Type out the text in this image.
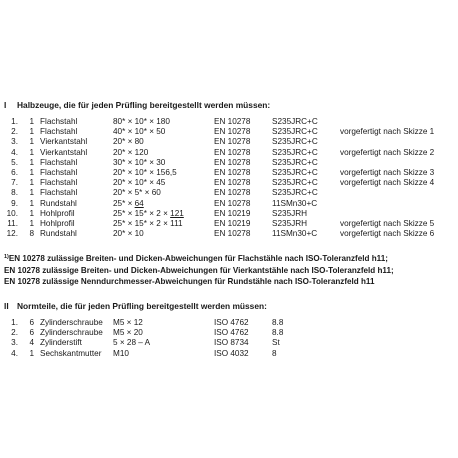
I Halbzeuge, die für jeden Prüfling bereitgestellt werden müssen:
1.	1 Flachstahl	80* × 10* × 180	EN 10278	S235JRC+C
2.	1 Flachstahl	40* × 10* × 50	EN 10278	S235JRC+C	vorgefertigt nach Skizze 1
3.	1 Vierkantstahl	20* × 80	EN 10278	S235JRC+C
4.	1 Vierkantstahl	20* × 120	EN 10278	S235JRC+C	vorgefertigt nach Skizze 2
5.	1 Flachstahl	30* × 10* × 30	EN 10278	S235JRC+C
6.	1 Flachstahl	20* × 10* × 156,5	EN 10278	S235JRC+C	vorgefertigt nach Skizze 3
7.	1 Flachstahl	20* × 10* × 45	EN 10278	S235JRC+C	vorgefertigt nach Skizze 4
8.	1 Flachstahl	20* × 5* × 60	EN 10278	S235JRC+C
9.	1 Rundstahl	25* × 64	EN 10278	11SMn30+C
10.	1 Hohlprofil	25* × 15* × 2 × 121	EN 10219	S235JRH
11.	1 Hohlprofil	25* × 15* × 2 × 111	EN 10219	S235JRH	vorgefertigt nach Skizze 5
12.	8 Rundstahl	20* × 10	EN 10278	11SMn30+C	vorgefertigt nach Skizze 6
$^{1)}$EN 10278 zulässige Breiten- und Dicken-Abweichungen für Flachstähle nach ISO-Toleranzfeld h11;
EN 10278 zulässige Breiten- und Dicken-Abweichungen für Vierkantstähle nach ISO-Toleranzfeld h11;
EN 10278 zulässige Nenndurchmesser-Abweichungen für Rundstähle nach ISO-Toleranzfeld h11
II Normteile, die für jeden Prüfling bereitgestellt werden müssen:
1.	6 Zylinderschraube M5 × 12	ISO 4762	8.8
2.	6 Zylinderschraube M5 × 20	ISO 4762	8.8
3.	4 Zylinderstift	5 × 28 – A	ISO 8734	St
4.	1 Sechskantmutter M10	ISO 4032	8
